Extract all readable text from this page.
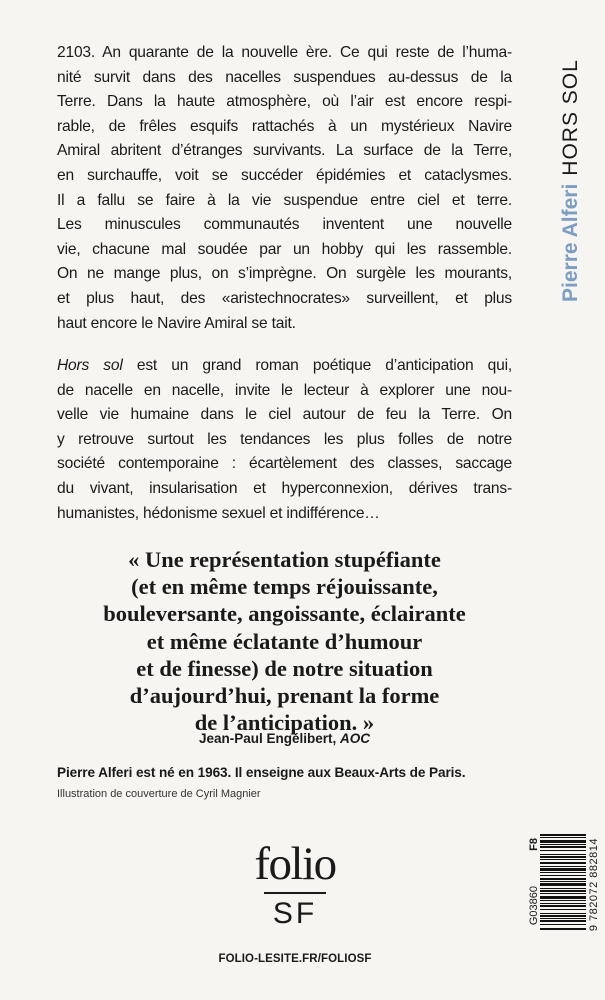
2103. An quarante de la nouvelle ère. Ce qui reste de l’huma-
nité survit dans des nacelles suspendues au-dessus de la
Terre. Dans la haute atmosphère, où l’air est encore respi-
rable, de frêles esquifs rattachés à un mystérieux Navire
Amiral abritent d’étranges survivants. La surface de la Terre,
en surchauffe, voit se succéder épidémies et cataclysmes.
Il a fallu se faire à la vie suspendue entre ciel et terre.
Les minuscules communautés inventent une nouvelle
vie, chacune mal soudée par un hobby qui les rassemble.
On ne mange plus, on s’imprègne. On surgèle les mourants,
et plus haut, des «aristechnocrates» surveillent, et plus
haut encore le Navire Amiral se tait.
Hors sol est un grand roman poétique d’anticipation qui,
de nacelle en nacelle, invite le lecteur à explorer une nou-
velle vie humaine dans le ciel autour de feu la Terre. On
y retrouve surtout les tendances les plus folles de notre
société contemporaine : écartèlement des classes, saccage
du vivant, insularisation et hyperconnexion, dérives trans-
humanistes, hédonisme sexuel et indifférence…
« Une représentation stupéfiante
(et en même temps réjouissante,
bouleversante, angoissante, éclairante
et même éclatante d’humour
et de finesse) de notre situation
d’aujourd’hui, prenant la forme
de l’anticipation. »
Jean-Paul Engélibert, AOC
Pierre Alferi est né en 1963. Il enseigne aux Beaux-Arts de Paris.
Illustration de couverture de Cyril Magnier
folio
SF
FOLIO-LESITE.FR/FOLIOSF
Pierre AlferiHORS SOL
F8
G03860	9 782072 882814
